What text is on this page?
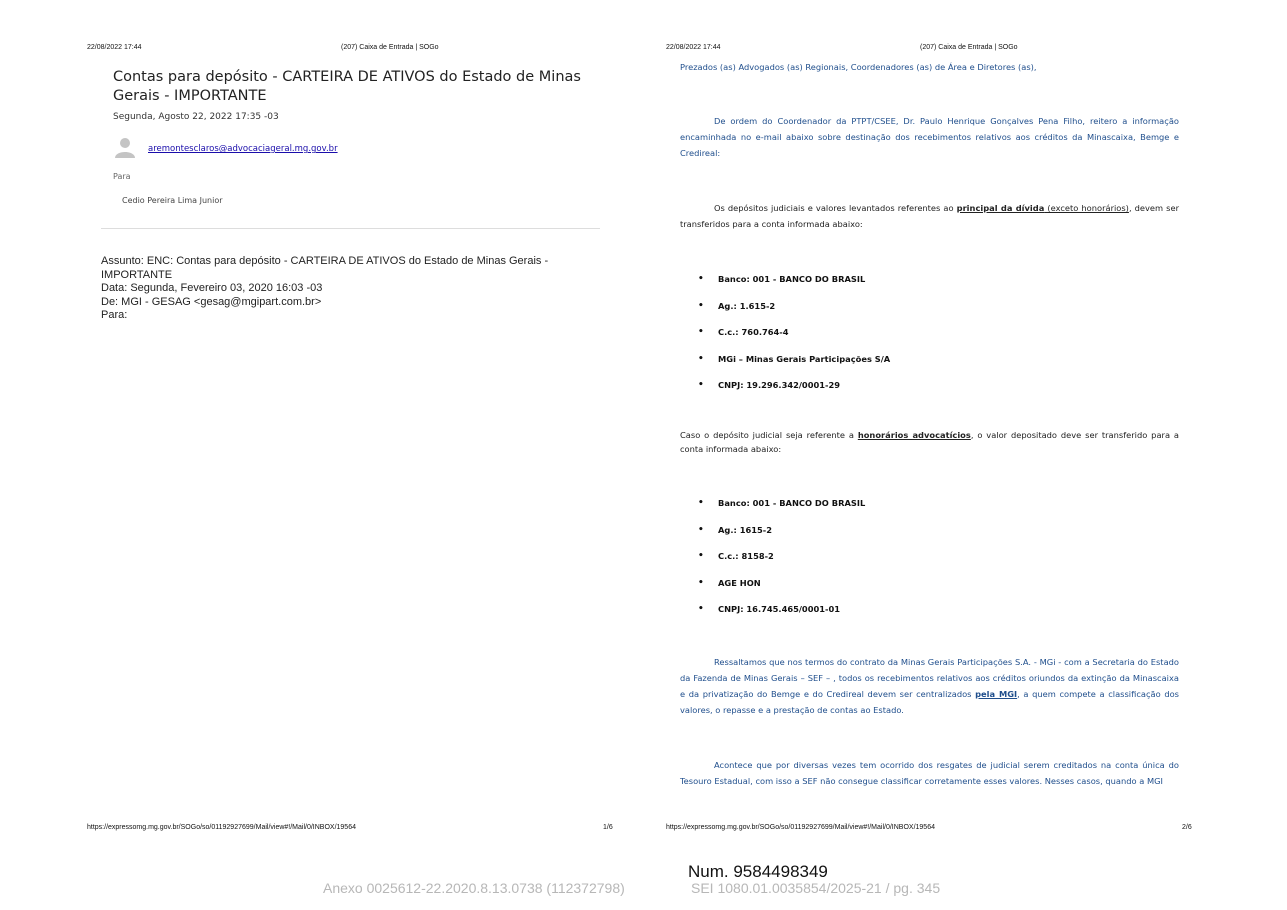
22/08/2022 17:44	(207) Caixa de Entrada | SOGo
Contas para depósito - CARTEIRA DE ATIVOS do Estado de Minas Gerais - IMPORTANTE
Segunda, Agosto 22, 2022 17:35 -03
aremontesclaros@advocaciageral.mg.gov.br
Para
Cedio Pereira Lima Junior
Assunto: ENC: Contas para depósito - CARTEIRA DE ATIVOS do Estado de Minas Gerais - IMPORTANTE
Data: Segunda, Fevereiro 03, 2020 16:03 -03
De: MGI - GESAG <gesag@mgipart.com.br>
Para:
https://expressomg.mg.gov.br/SOGo/so/01192927699/Mail/view#!/Mail/0/INBOX/19564	1/6
22/08/2022 17:44	(207) Caixa de Entrada | SOGo
Prezados (as) Advogados (as) Regionais, Coordenadores (as) de Área e Diretores (as),
De ordem do Coordenador da PTPT/CSEE, Dr. Paulo Henrique Gonçalves Pena Filho, reitero a informação encaminhada no e-mail abaixo sobre destinação dos recebimentos relativos aos créditos da Minascaixa, Bemge e Credireal:
Os depósitos judiciais e valores levantados referentes ao principal da dívida (exceto honorários), devem ser transferidos para a conta informada abaixo:
• Banco: 001 - BANCO DO BRASIL
• Ag.: 1.615-2
• C.c.: 760.764-4
• MGi – Minas Gerais Participações S/A
• CNPJ: 19.296.342/0001-29
Caso o depósito judicial seja referente a honorários advocatícios, o valor depositado deve ser transferido para a conta informada abaixo:
• Banco: 001 - BANCO DO BRASIL
• Ag.: 1615-2
• C.c.: 8158-2
• AGE HON
• CNPJ: 16.745.465/0001-01
Ressaltamos que nos termos do contrato da Minas Gerais Participações S.A. - MGi - com a Secretaria do Estado da Fazenda de Minas Gerais – SEF – , todos os recebimentos relativos aos créditos oriundos da extinção da Minascaixa e da privatização do Bemge e do Credireal devem ser centralizados pela MGI, a quem compete a classificação dos valores, o repasse e a prestação de contas ao Estado.
Acontece que por diversas vezes tem ocorrido dos resgates de judicial serem creditados na conta única do Tesouro Estadual, com isso a SEF não consegue classificar corretamente esses valores. Nesses casos, quando a MGI
https://expressomg.mg.gov.br/SOGo/so/01192927699/Mail/view#!/Mail/0/INBOX/19564	2/6
Num. 9584498349
Anexo 0025612-22.2020.8.13.0738 (112372798)	SEI 1080.01.0035854/2025-21 / pg. 345
